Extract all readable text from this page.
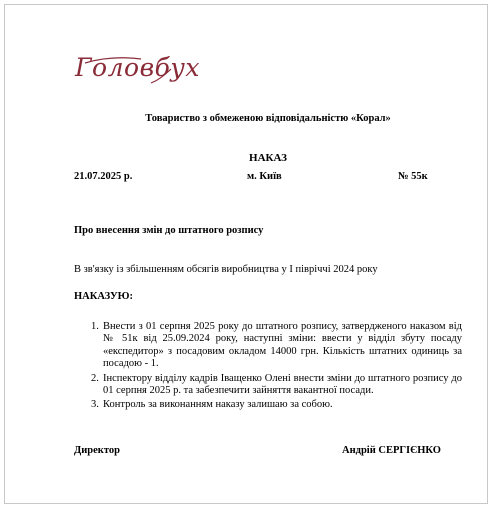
Головбух
Товариство з обмеженою відповідальністю «Корал»
НАКАЗ
21.07.2025 р.	м. Київ	№ 55к
Про внесення змін до штатного розпису
В зв'язку із збільшенням обсягів виробництва у І півріччі 2024 року
НАКАЗУЮ:
1. Внести з 01 серпня 2025 року до штатного розпису, затвердженого наказом від № 51к від 25.09.2024 року, наступні зміни: ввести у відділ збуту посаду «експедитор» з посадовим окладом 14000 грн. Кількість штатних одиниць за посадою - 1.
2. Інспектору відділу кадрів Іващенко Олені внести зміни до штатного розпису до 01 серпня 2025 р. та забезпечити зайняття вакантної посади.
3. Контроль за виконанням наказу залишаю за собою.
Директор	Андрій СЕРГІЄНКО
